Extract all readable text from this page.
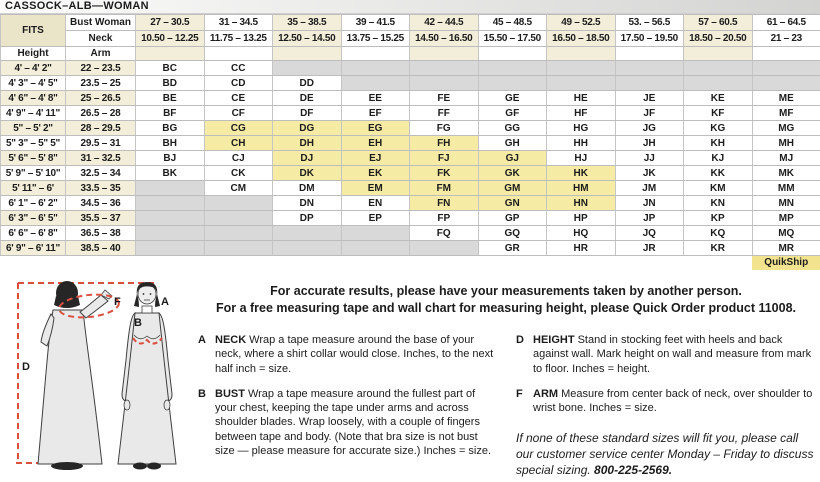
CASSOCK–ALB—WOMAN
FITS	Bust Woman	27 – 30.5	31 – 34.5	35 – 38.5	39 – 41.5	42 – 44.5	45 – 48.5	49 – 52.5	53. – 56.5	57 – 60.5	61 – 64.5
	Neck	10.50 – 12.25	11.75 – 13.25	12.50 – 14.50	13.75 – 15.25	14.50 – 16.50	15.50 – 17.50	16.50 – 18.50	17.50 – 19.50	18.50 – 20.50	21 – 23
Height	Arm										
4' – 4' 2"	22 – 23.5	BC	CC								
4' 3" – 4' 5"	23.5 – 25	BD	CD	DD							
4' 6" – 4' 8"	25 – 26.5	BE	CE	DE	EE	FE	GE	HE	JE	KE	ME
4' 9" – 4' 11"	26.5 – 28	BF	CF	DF	EF	FF	GF	HF	JF	KF	MF
5" – 5' 2"	28 – 29.5	BG	CG	DG	EG	FG	GG	HG	JG	KG	MG
5" 3" – 5" 5"	29.5 – 31	BH	CH	DH	EH	FH	GH	HH	JH	KH	MH
5' 6" – 5' 8"	31 – 32.5	BJ	CJ	DJ	EJ	FJ	GJ	HJ	JJ	KJ	MJ
5' 9" – 5' 10"	32.5 – 34	BK	CK	DK	EK	FK	GK	HK	JK	KK	MK
5' 11" – 6'	33.5 – 35		CM	DM	EM	FM	GM	HM	JM	KM	MM
6' 1" – 6' 2"	34.5 – 36			DN	EN	FN	GN	HN	JN	KN	MN
6' 3" – 6' 5"	35.5 – 37			DP	EP	FP	GP	HP	JP	KP	MP
6' 6" – 6' 8"	36.5 – 38					FQ	GQ	HQ	JQ	KQ	MQ
6' 9" – 6' 11"	38.5 – 40						GR	HR	JR	KR	MR
											QuikShip
D
F	A
B
For accurate results, please have your measurements taken by another person.
For a free measuring tape and wall chart for measuring height, please Quick Order product 11008.
A NECK Wrap a tape measure around the base of your neck, where a shirt collar would close. Inches, to the next half inch = size.
B BUST Wrap a tape measure around the fullest part of your chest, keeping the tape under arms and across shoulder blades. Wrap loosely, with a couple of fingers between tape and body. (Note that bra size is not bust size — please measure for accurate size.) Inches = size.
D HEIGHT Stand in stocking feet with heels and back against wall. Mark height on wall and measure from mark to floor. Inches = height.
F ARM Measure from center back of neck, over shoulder to wrist bone. Inches = size.
If none of these standard sizes will fit you, please call our customer service center Monday – Friday to discuss special sizing. 800-225-2569.
